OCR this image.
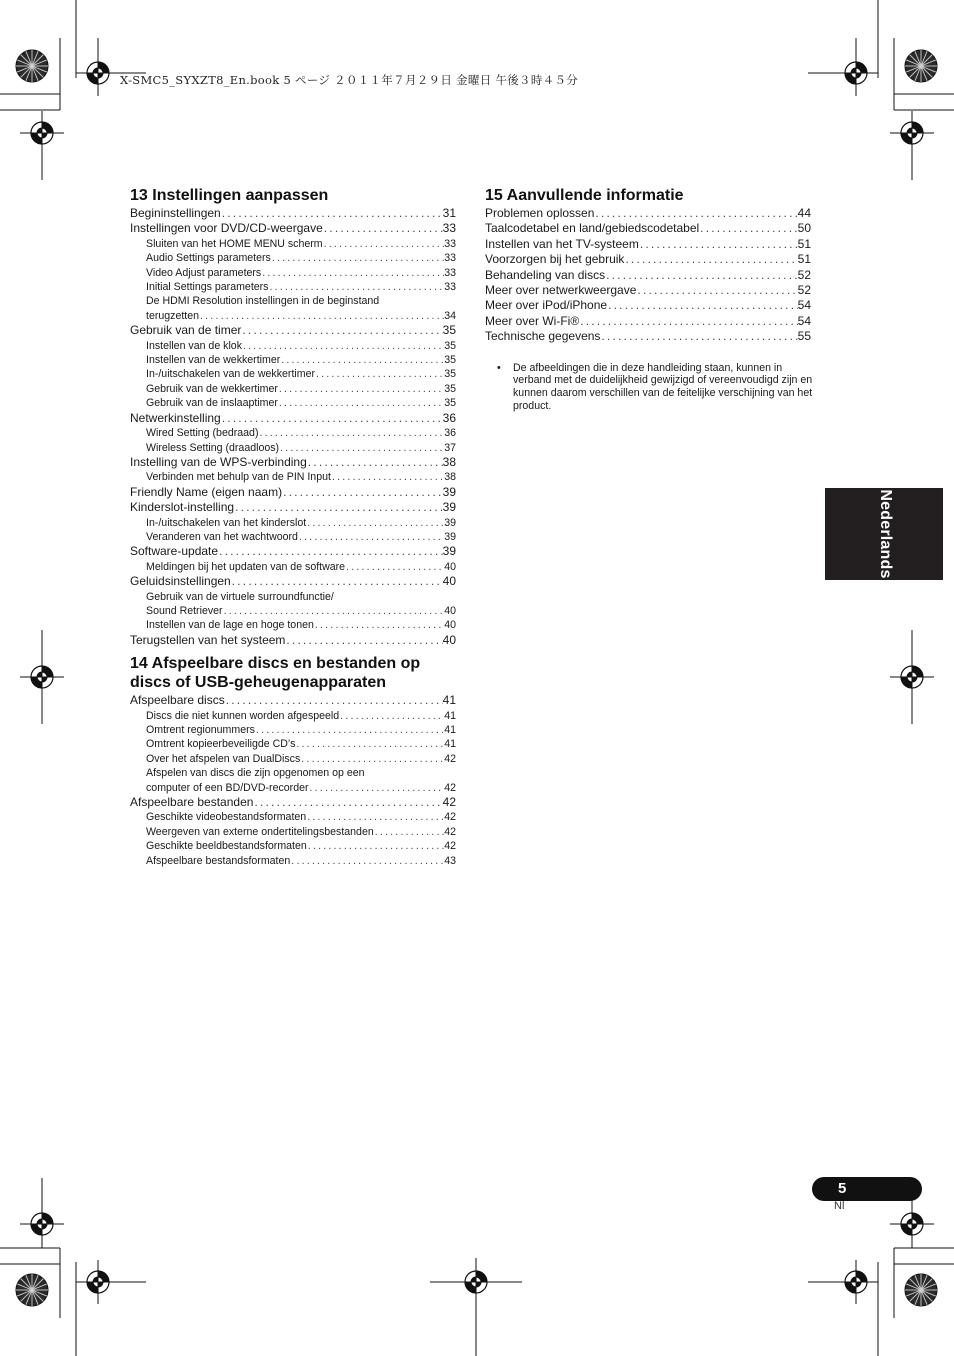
X-SMC5_SYXZT8_En.book 5 ページ ２０１１年７月２９日 金曜日 午後３時４５分
13 Instellingen aanpassen
Begininstellingen .....	31
Instellingen voor DVD/CD-weergave .....	33
Sluiten van het HOME MENU scherm .....	33
Audio Settings parameters .....	33
Video Adjust parameters .....	33
Initial Settings parameters .....	33
De HDMI Resolution instellingen in de beginstand
terugzetten .....	34
Gebruik van de timer .....	35
Instellen van de klok .....	35
Instellen van de wekkertimer .....	35
In-/uitschakelen van de wekkertimer .....	35
Gebruik van de wekkertimer .....	35
Gebruik van de inslaaptimer .....	35
Netwerkinstelling .....	36
Wired Setting (bedraad) .....	36
Wireless Setting (draadloos) .....	37
Instelling van de WPS-verbinding .....	38
Verbinden met behulp van de PIN Input .....	38
Friendly Name (eigen naam) .....	39
Kinderslot-instelling .....	39
In-/uitschakelen van het kinderslot .....	39
Veranderen van het wachtwoord .....	39
Software-update .....	39
Meldingen bij het updaten van de software .....	40
Geluidsinstellingen .....	40
Gebruik van de virtuele surroundfunctie/
Sound Retriever .....	40
Instellen van de lage en hoge tonen .....	40
Terugstellen van het systeem .....	40
14 Afspeelbare discs en bestanden op
discs of USB-geheugenapparaten
Afspeelbare discs .....	41
Discs die niet kunnen worden afgespeeld .....	41
Omtrent regionummers .....	41
Omtrent kopieerbeveiligde CD’s .....	41
Over het afspelen van DualDiscs .....	42
Afspelen van discs die zijn opgenomen op een
computer of een BD/DVD-recorder .....	42
Afspeelbare bestanden .....	42
Geschikte videobestandsformaten .....	42
Weergeven van externe ondertitelingsbestanden .....	42
Geschikte beeldbestandsformaten .....	42
Afspeelbare bestandsformaten .....	43
15 Aanvullende informatie
Problemen oplossen .....	44
Taalcodetabel en land/gebiedscodetabel .....	50
Instellen van het TV-systeem .....	51
Voorzorgen bij het gebruik .....	51
Behandeling van discs .....	52
Meer over netwerkweergave .....	52
Meer over iPod/iPhone .....	54
Meer over Wi-Fi® .....	54
Technische gegevens .....	55
• De afbeeldingen die in deze handleiding staan, kunnen in verband met de duidelijkheid gewijzigd of vereenvoudigd zijn en kunnen daarom verschillen van de feitelijke verschijning van het product.
Nederlands
5
Nl
